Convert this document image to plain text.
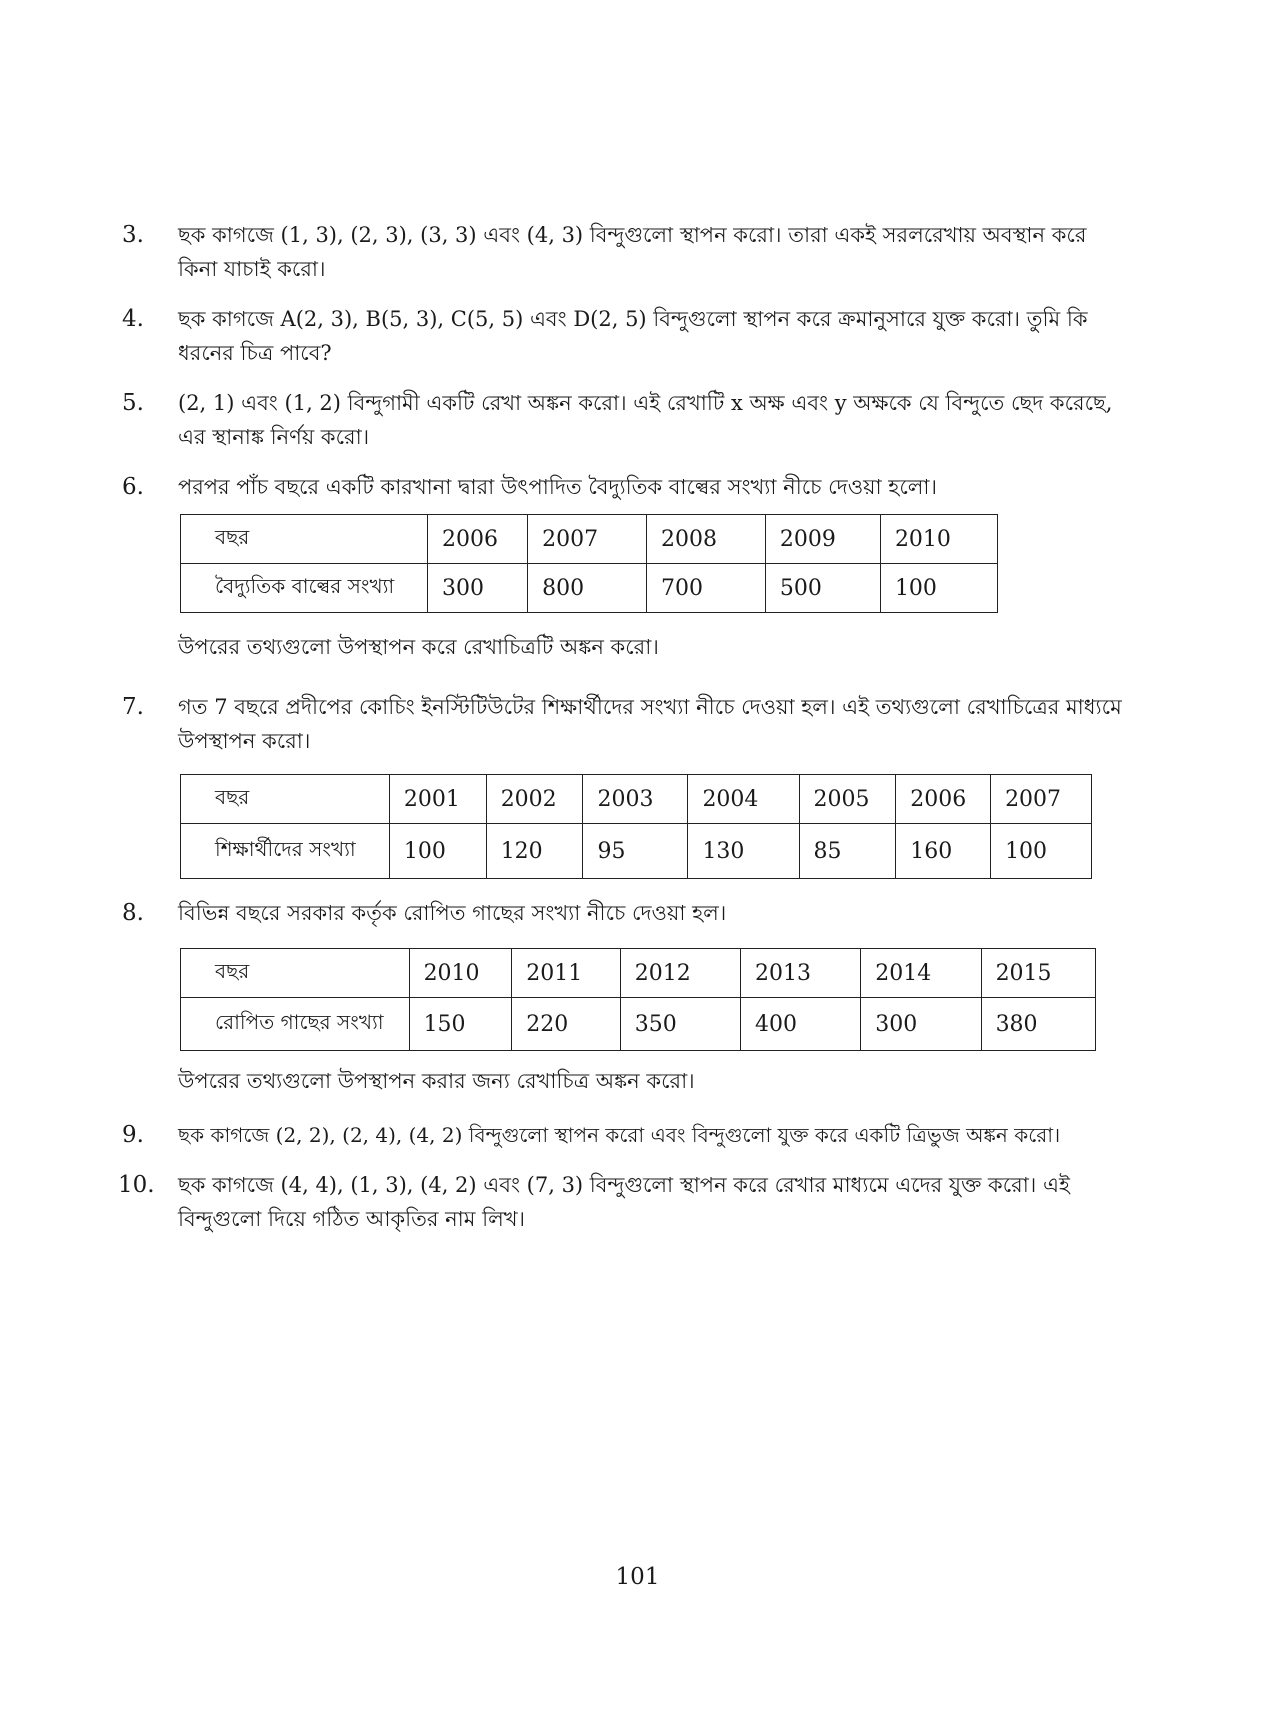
3. ছক কাগজে (1, 3), (2, 3), (3, 3) এবং (4, 3) বিন্দুগুলো স্থাপন করো। তারা একই সরলরেখায় অবস্থান করে কিনা যাচাই করো।
4. ছক কাগজে A(2, 3), B(5, 3), C(5, 5) এবং D(2, 5) বিন্দুগুলো স্থাপন করে ক্রমানুসারে যুক্ত করো। তুমি কি ধরনের চিত্র পাবে?
5. (2, 1) এবং (1, 2) বিন্দুগামী একটি রেখা অঙ্কন করো। এই রেখাটি x অক্ষ এবং y অক্ষকে যে বিন্দুতে ছেদ করেছে, এর স্থানাঙ্ক নির্ণয় করো।
6. পরপর পাঁচ বছরে একটি কারখানা দ্বারা উৎপাদিত বৈদ্যুতিক বাল্বের সংখ্যা নীচে দেওয়া হলো।
বছর	2006	2007	2008	2009	2010
বৈদ্যুতিক বাল্বের সংখ্যা	300	800	700	500	100
উপরের তথ্যগুলো উপস্থাপন করে রেখাচিত্রটি অঙ্কন করো।
7. গত 7 বছরে প্রদীপের কোচিং ইনস্টিটিউটের শিক্ষার্থীদের সংখ্যা নীচে দেওয়া হল। এই তথ্যগুলো রেখাচিত্রের মাধ্যমে উপস্থাপন করো।
বছর	2001	2002	2003	2004	2005	2006	2007
শিক্ষার্থীদের সংখ্যা	100	120	95	130	85	160	100
8. বিভিন্ন বছরে সরকার কর্তৃক রোপিত গাছের সংখ্যা নীচে দেওয়া হল।
বছর	2010	2011	2012	2013	2014	2015
রোপিত গাছের সংখ্যা	150	220	350	400	300	380
উপরের তথ্যগুলো উপস্থাপন করার জন্য রেখাচিত্র অঙ্কন করো।
9. ছক কাগজে (2, 2), (2, 4), (4, 2) বিন্দুগুলো স্থাপন করো এবং বিন্দুগুলো যুক্ত করে একটি ত্রিভুজ অঙ্কন করো।
10. ছক কাগজে (4, 4), (1, 3), (4, 2) এবং (7, 3) বিন্দুগুলো স্থাপন করে রেখার মাধ্যমে এদের যুক্ত করো। এই বিন্দুগুলো দিয়ে গঠিত আকৃতির নাম লিখ।
101
